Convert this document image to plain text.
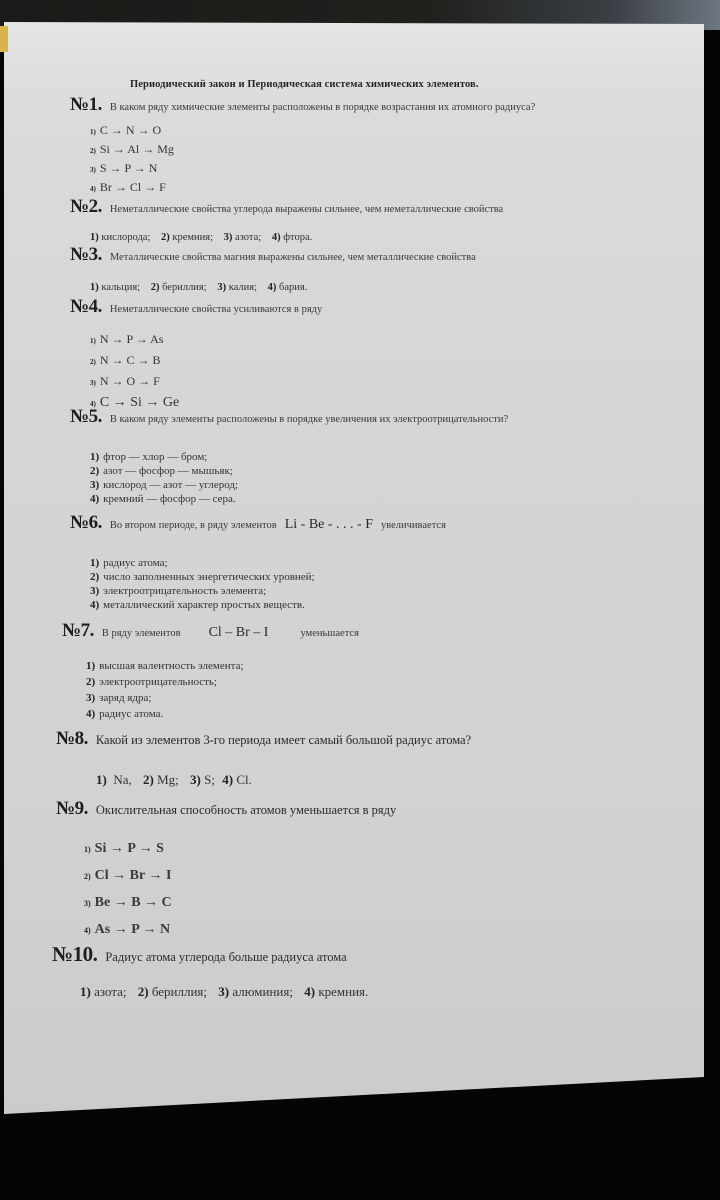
Периодический закон и Периодическая система химических элементов.
№1. В каком ряду химические элементы расположены в порядке возрастания их атомного радиуса?
1) C → N → O
2) Si → Al → Mg
3) S → P → N
4) Br → Cl → F
№2. Неметаллические свойства углерода выражены сильнее, чем неметаллические свойства
1) кислорода; 2) кремния; 3) азота; 4) фтора.
№3. Металлические свойства магния выражены сильнее, чем металлические свойства
1) кальция; 2) бериллия; 3) калия; 4) бария.
№4. Неметаллические свойства усиливаются в ряду
1) N → P → As
2) N → C → B
3) N → O → F
4) C → Si → Ge
№5. В каком ряду элементы расположены в порядке увеличения их электроотрицательности?
1) фтор — хлор — бром;
2) азот — фосфор — мышьяк;
3) кислород — азот — углерод;
4) кремний — фосфор — сера.
№6. Во втором периоде, в ряду элементов Li - Be - . . . - F увеличивается
1) радиус атома;
2) число заполненных энергетических уровней;
3) электроотрицательность элемента;
4) металлический характер простых веществ.
№7. В ряду элементов Cl – Br – I	уменьшается
1) высшая валентность элемента;
2) электроотрицательность;
3) заряд ядра;
4) радиус атома.
№8. Какой из элементов 3-го периода имеет самый большой радиус атома?
1) Na, 2) Mg; 3) S; 4) Cl.
№9. Окислительная способность атомов уменьшается в ряду
1) Si → P → S
2) Cl → Br → I
3) Be → B → C
4) As → P → N
№10. Радиус атома углерода больше радиуса атома
1) азота; 2) бериллия; 3) алюминия; 4) кремния.
